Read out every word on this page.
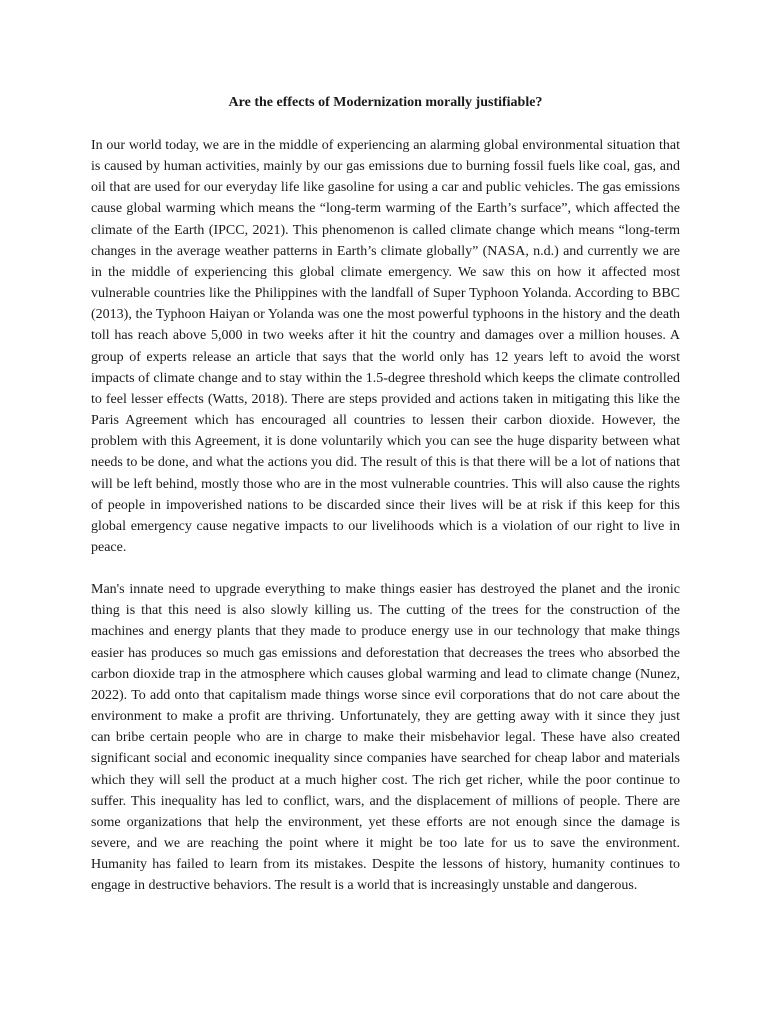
Are the effects of Modernization morally justifiable?

In our world today, we are in the middle of experiencing an alarming global environmental situation that is caused by human activities, mainly by our gas emissions due to burning fossil fuels like coal, gas, and oil that are used for our everyday life like gasoline for using a car and public vehicles. The gas emissions cause global warming which means the “long-term warming of the Earth’s surface”, which affected the climate of the Earth (IPCC, 2021). This phenomenon is called climate change which means “long-term changes in the average weather patterns in Earth’s climate globally” (NASA, n.d.) and currently we are in the middle of experiencing this global climate emergency. We saw this on how it affected most vulnerable countries like the Philippines with the landfall of Super Typhoon Yolanda. According to BBC (2013), the Typhoon Haiyan or Yolanda was one the most powerful typhoons in the history and the death toll has reach above 5,000 in two weeks after it hit the country and damages over a million houses. A group of experts release an article that says that the world only has 12 years left to avoid the worst impacts of climate change and to stay within the 1.5-degree threshold which keeps the climate controlled to feel lesser effects (Watts, 2018). There are steps provided and actions taken in mitigating this like the Paris Agreement which has encouraged all countries to lessen their carbon dioxide. However, the problem with this Agreement, it is done voluntarily which you can see the huge disparity between what needs to be done, and what the actions you did. The result of this is that there will be a lot of nations that will be left behind, mostly those who are in the most vulnerable countries. This will also cause the rights of people in impoverished nations to be discarded since their lives will be at risk if this keep for this global emergency cause negative impacts to our livelihoods which is a violation of our right to live in peace.

Man's innate need to upgrade everything to make things easier has destroyed the planet and the ironic thing is that this need is also slowly killing us. The cutting of the trees for the construction of the machines and energy plants that they made to produce energy use in our technology that make things easier has produces so much gas emissions and deforestation that decreases the trees who absorbed the carbon dioxide trap in the atmosphere which causes global warming and lead to climate change (Nunez, 2022). To add onto that capitalism made things worse since evil corporations that do not care about the environment to make a profit are thriving. Unfortunately, they are getting away with it since they just can bribe certain people who are in charge to make their misbehavior legal. These have also created significant social and economic inequality since companies have searched for cheap labor and materials which they will sell the product at a much higher cost. The rich get richer, while the poor continue to suffer. This inequality has led to conflict, wars, and the displacement of millions of people. There are some organizations that help the environment, yet these efforts are not enough since the damage is severe, and we are reaching the point where it might be too late for us to save the environment. Humanity has failed to learn from its mistakes. Despite the lessons of history, humanity continues to engage in destructive behaviors. The result is a world that is increasingly unstable and dangerous.
